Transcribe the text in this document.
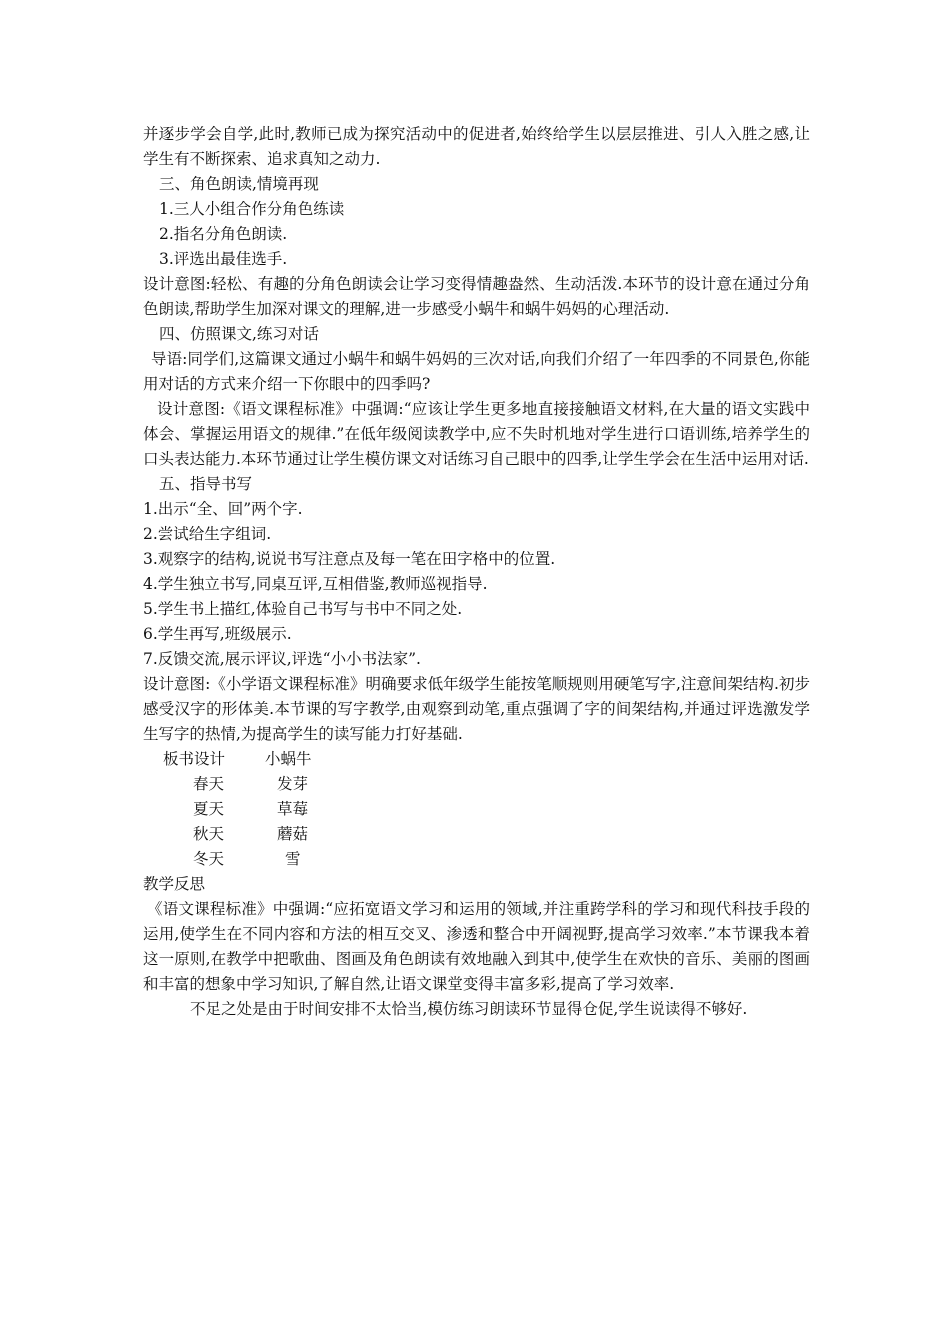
并逐步学会自学,此时,教师已成为探究活动中的促进者,始终给学生以层层推进、引人入胜之感,让学生有不断探索、追求真知之动力.
三、角色朗读,情境再现
1.三人小组合作分角色练读
2.指名分角色朗读.
3.评选出最佳选手.
设计意图:轻松、有趣的分角色朗读会让学习变得情趣盎然、生动活泼.本环节的设计意在通过分角色朗读,帮助学生加深对课文的理解,进一步感受小蜗牛和蜗牛妈妈的心理活动.
四、仿照课文,练习对话
导语:同学们,这篇课文通过小蜗牛和蜗牛妈妈的三次对话,向我们介绍了一年四季的不同景色,你能用对话的方式来介绍一下你眼中的四季吗?
设计意图:《语文课程标准》中强调:“应该让学生更多地直接接触语文材料,在大量的语文实践中体会、掌握运用语文的规律.”在低年级阅读教学中,应不失时机地对学生进行口语训练,培养学生的口头表达能力.本环节通过让学生模仿课文对话练习自己眼中的四季,让学生学会在生活中运用对话.
五、指导书写
1.出示“全、回”两个字.
2.尝试给生字组词.
3.观察字的结构,说说书写注意点及每一笔在田字格中的位置.
4.学生独立书写,同桌互评,互相借鉴,教师巡视指导.
5.学生书上描红,体验自己书写与书中不同之处.
6.学生再写,班级展示.
7.反馈交流,展示评议,评选“小小书法家”.
设计意图:《小学语文课程标准》明确要求低年级学生能按笔顺规则用硬笔写字,注意间架结构.初步感受汉字的形体美.本节课的写字教学,由观察到动笔,重点强调了字的间架结构,并通过评选激发学生写字的热情,为提高学生的读写能力打好基础.
板书设计	小蜗牛
春天	发芽
夏天	草莓
秋天	蘑菇
冬天	雪
教学反思
《语文课程标准》中强调:“应拓宽语文学习和运用的领域,并注重跨学科的学习和现代科技手段的运用,使学生在不同内容和方法的相互交叉、渗透和整合中开阔视野,提高学习效率.”本节课我本着这一原则,在教学中把歌曲、图画及角色朗读有效地融入到其中,使学生在欢快的音乐、美丽的图画和丰富的想象中学习知识,了解自然,让语文课堂变得丰富多彩,提高了学习效率.
不足之处是由于时间安排不太恰当,模仿练习朗读环节显得仓促,学生说读得不够好.
